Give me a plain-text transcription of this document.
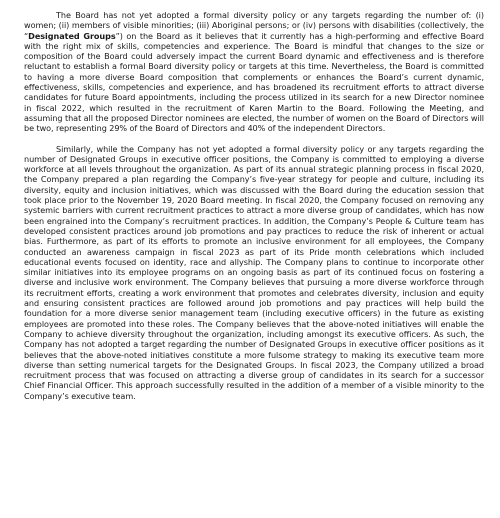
The Board has not yet adopted a formal diversity policy or any targets regarding the number of: (i) women; (ii) members of visible minorities; (iii) Aboriginal persons; or (iv) persons with disabilities (collectively, the “Designated Groups”) on the Board as it believes that it currently has a high-performing and effective Board with the right mix of skills, competencies and experience. The Board is mindful that changes to the size or composition of the Board could adversely impact the current Board dynamic and effectiveness and is therefore reluctant to establish a formal Board diversity policy or targets at this time. Nevertheless, the Board is committed to having a more diverse Board composition that complements or enhances the Board’s current dynamic, effectiveness, skills, competencies and experience, and has broadened its recruitment efforts to attract diverse candidates for future Board appointments, including the process utilized in its search for a new Director nominee in fiscal 2022, which resulted in the recruitment of Karen Martin to the Board. Following the Meeting, and assuming that all the proposed Director nominees are elected, the number of women on the Board of Directors will be two, representing 29% of the Board of Directors and 40% of the independent Directors.

Similarly, while the Company has not yet adopted a formal diversity policy or any targets regarding the number of Designated Groups in executive officer positions, the Company is committed to employing a diverse workforce at all levels throughout the organization. As part of its annual strategic planning process in fiscal 2020, the Company prepared a plan regarding the Company’s five-year strategy for people and culture, including its diversity, equity and inclusion initiatives, which was discussed with the Board during the education session that took place prior to the November 19, 2020 Board meeting. In fiscal 2020, the Company focused on removing any systemic barriers with current recruitment practices to attract a more diverse group of candidates, which has now been engrained into the Company’s recruitment practices. In addition, the Company’s People & Culture team has developed consistent practices around job promotions and pay practices to reduce the risk of inherent or actual bias. Furthermore, as part of its efforts to promote an inclusive environment for all employees, the Company conducted an awareness campaign in fiscal 2023 as part of its Pride month celebrations which included educational events focused on identity, race and allyship. The Company plans to continue to incorporate other similar initiatives into its employee programs on an ongoing basis as part of its continued focus on fostering a diverse and inclusive work environment. The Company believes that pursuing a more diverse workforce through its recruitment efforts, creating a work environment that promotes and celebrates diversity, inclusion and equity and ensuring consistent practices are followed around job promotions and pay practices will help build the foundation for a more diverse senior management team (including executive officers) in the future as existing employees are promoted into these roles. The Company believes that the above-noted initiatives will enable the Company to achieve diversity throughout the organization, including amongst its executive officers. As such, the Company has not adopted a target regarding the number of Designated Groups in executive officer positions as it believes that the above-noted initiatives constitute a more fulsome strategy to making its executive team more diverse than setting numerical targets for the Designated Groups. In fiscal 2023, the Company utilized a broad recruitment process that was focused on attracting a diverse group of candidates in its search for a successor Chief Financial Officer. This approach successfully resulted in the addition of a member of a visible minority to the Company’s executive team.
